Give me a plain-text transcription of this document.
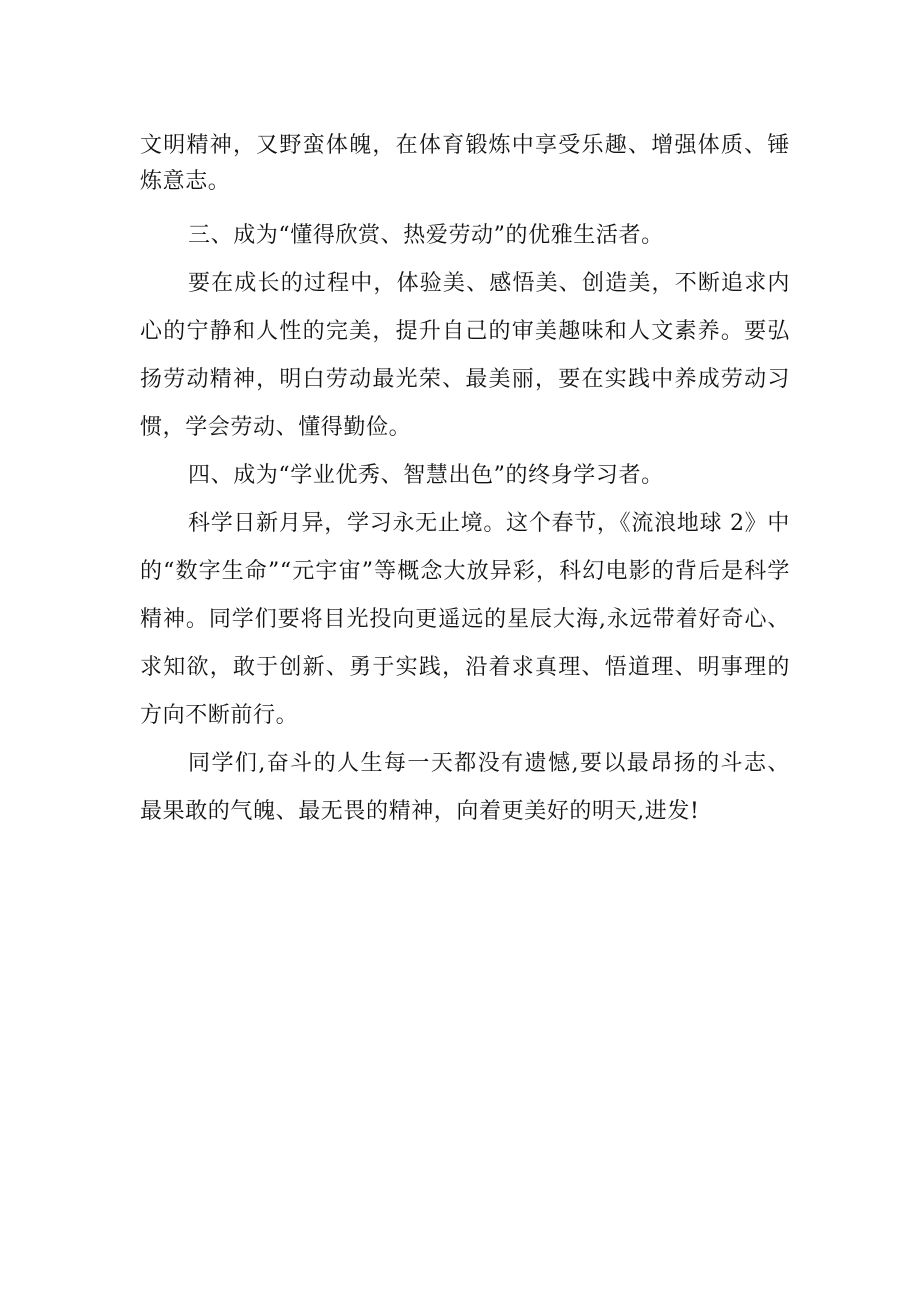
文明精神，又野蛮体魄，在体育锻炼中享受乐趣、增强体质、锤炼意志。

三、成为“懂得欣赏、热爱劳动”的优雅生活者。

要在成长的过程中，体验美、感悟美、创造美，不断追求内心的宁静和人性的完美，提升自己的审美趣味和人文素养。要弘扬劳动精神，明白劳动最光荣、最美丽，要在实践中养成劳动习惯，学会劳动、懂得勤俭。

四、成为“学业优秀、智慧出色”的终身学习者。

科学日新月异，学习永无止境。这个春节，《流浪地球 2》中的“数字生命”“元宇宙”等概念大放异彩，科幻电影的背后是科学精神。同学们要将目光投向更遥远的星辰大海,永远带着好奇心、求知欲，敢于创新、勇于实践，沿着求真理、悟道理、明事理的方向不断前行。

同学们,奋斗的人生每一天都没有遗憾,要以最昂扬的斗志、最果敢的气魄、最无畏的精神，向着更美好的明天,进发!
